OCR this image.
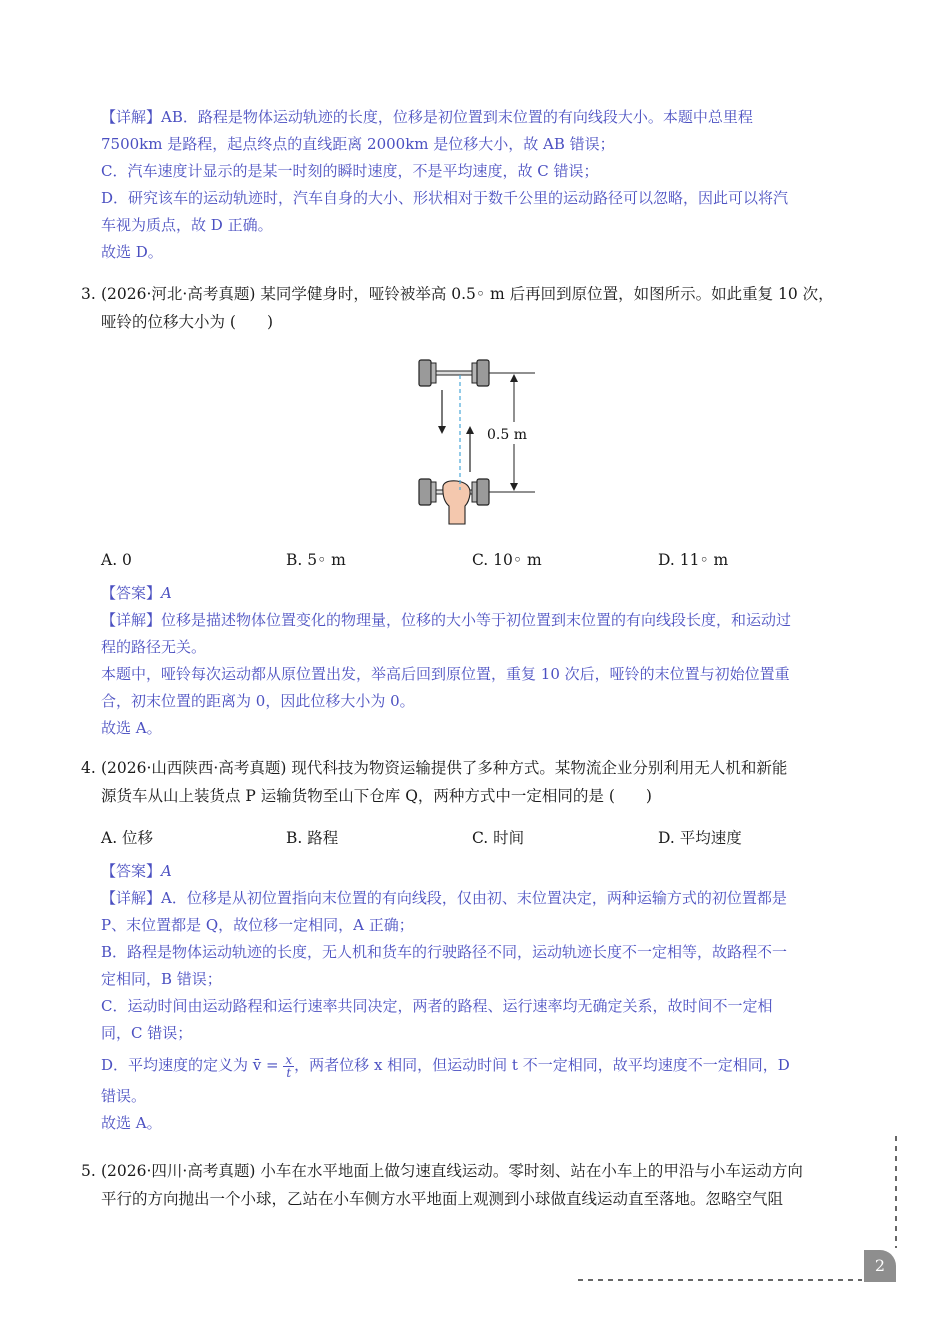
【详解】AB．路程是物体运动轨迹的长度，位移是初位置到末位置的有向线段大小。本题中总里程
7500km 是路程，起点终点的直线距离 2000km 是位移大小，故 AB 错误；
C．汽车速度计显示的是某一时刻的瞬时速度，不是平均速度，故 C 错误；
D．研究该车的运动轨迹时，汽车自身的大小、形状相对于数千公里的运动路径可以忽略，因此可以将汽
车视为质点，故 D 正确。
故选 D。
3. (2026·河北·高考真题) 某同学健身时，哑铃被举高 0.5◦ m 后再回到原位置，如图所示。如此重复 10 次，
哑铃的位移大小为 (　　)
0.5 m
A. 0	B. 5◦ m	C. 10◦ m	D. 11◦ m
【答案】A
【详解】位移是描述物体位置变化的物理量，位移的大小等于初位置到末位置的有向线段长度，和运动过
程的路径无关。
本题中，哑铃每次运动都从原位置出发，举高后回到原位置，重复 10 次后，哑铃的末位置与初始位置重
合，初末位置的距离为 0，因此位移大小为 0。
故选 A。
4. (2026·山西陕西·高考真题) 现代科技为物资运输提供了多种方式。某物流企业分别利用无人机和新能
源货车从山上装货点 P 运输货物至山下仓库 Q，两种方式中一定相同的是 (　　)
A. 位移	B. 路程	C. 时间	D. 平均速度
【答案】A
【详解】A．位移是从初位置指向末位置的有向线段，仅由初、末位置决定，两种运输方式的初位置都是
P、末位置都是 Q，故位移一定相同，A 正确；
B．路程是物体运动轨迹的长度，无人机和货车的行驶路径不同，运动轨迹长度不一定相等，故路程不一
定相同，B 错误；
C．运动时间由运动路程和运行速率共同决定，两者的路程、运行速率均无确定关系，故时间不一定相
同，C 错误；
D．平均速度的定义为 v̄ = $\frac{x}{t}$ ，两者位移 x 相同，但运动时间 t 不一定相同，故平均速度不一定相同，D
错误。
故选 A。
5. (2026·四川·高考真题) 小车在水平地面上做匀速直线运动。零时刻、站在小车上的甲沿与小车运动方向
平行的方向抛出一个小球，乙站在小车侧方水平地面上观测到小球做直线运动直至落地。忽略空气阻
2
